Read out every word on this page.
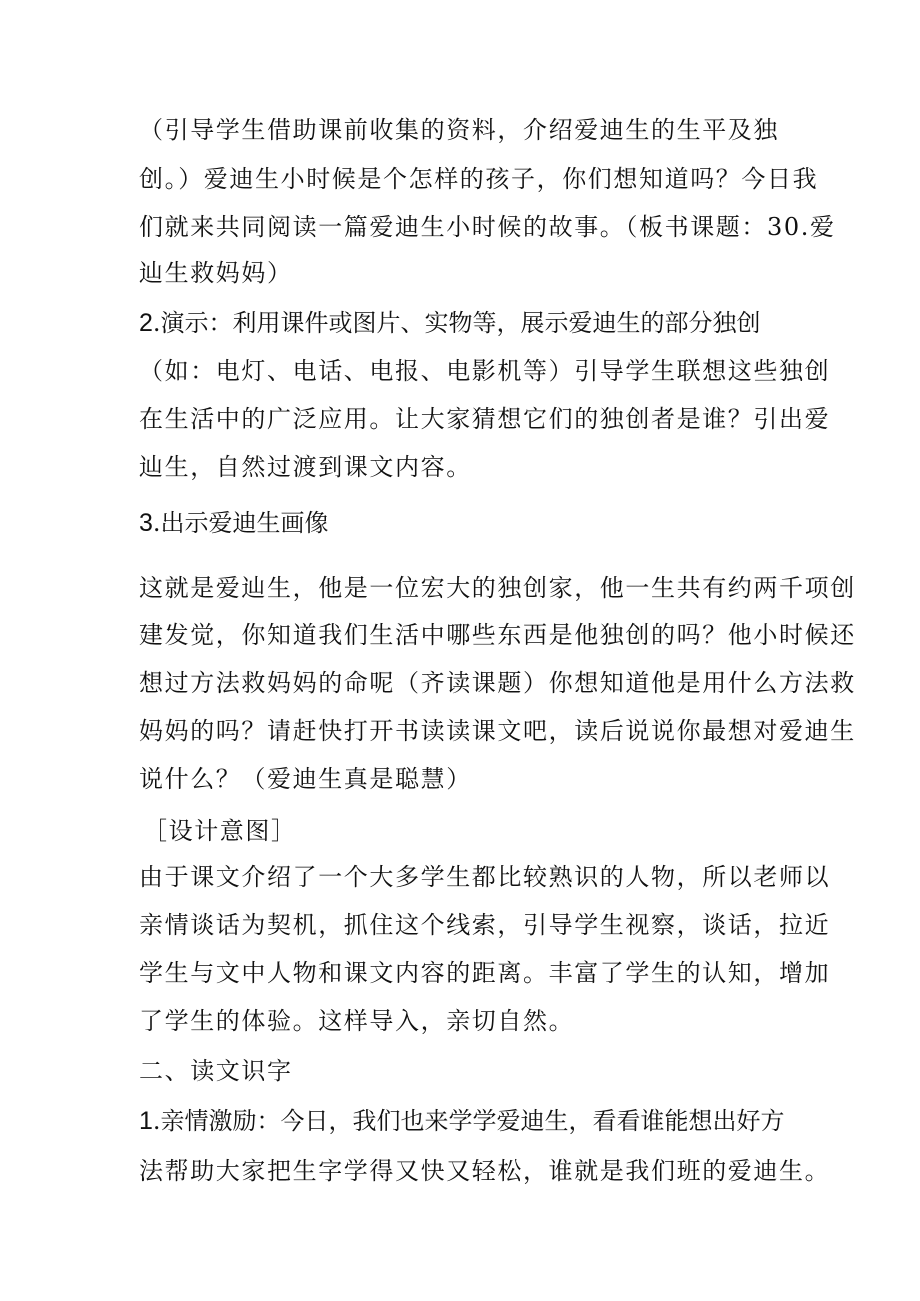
（引导学生借助课前收集的资料，介绍爱迪生的生平及独
创。）爱迪生小时候是个怎样的孩子，你们想知道吗？今日我
们就来共同阅读一篇爱迪生小时候的故事。（板书课题：30.爱
辿生救妈妈）
2.演示：利用课件或图片、实物等，展示爱迪生的部分独创
（如：电灯、电话、电报、电影机等）引导学生联想这些独创
在生活中的广泛应用。让大家猜想它们的独创者是谁？引出爱
辿生，自然过渡到课文内容。
3.出示爱迪生画像
这就是爱辿生，他是一位宏大的独创家，他一生共有约两千项创
建发觉，你知道我们生活中哪些东西是他独创的吗？他小时候还
想过方法救妈妈的命呢（齐读课题）你想知道他是用什么方法救
妈妈的吗？请赶快打开书读读课文吧，读后说说你最想对爱迪生
说什么？（爱迪生真是聪慧）
［设计意图］
由于课文介绍了一个大多学生都比较熟识的人物，所以老师以
亲情谈话为契机，抓住这个线索，引导学生视察，谈话，拉近
学生与文中人物和课文内容的距离。丰富了学生的认知，增加
了学生的体验。这样导入，亲切自然。
二、读文识字
1.亲情激励：今日，我们也来学学爱迪生，看看谁能想出好方
法帮助大家把生字学得又快又轻松，谁就是我们班的爱迪生。
